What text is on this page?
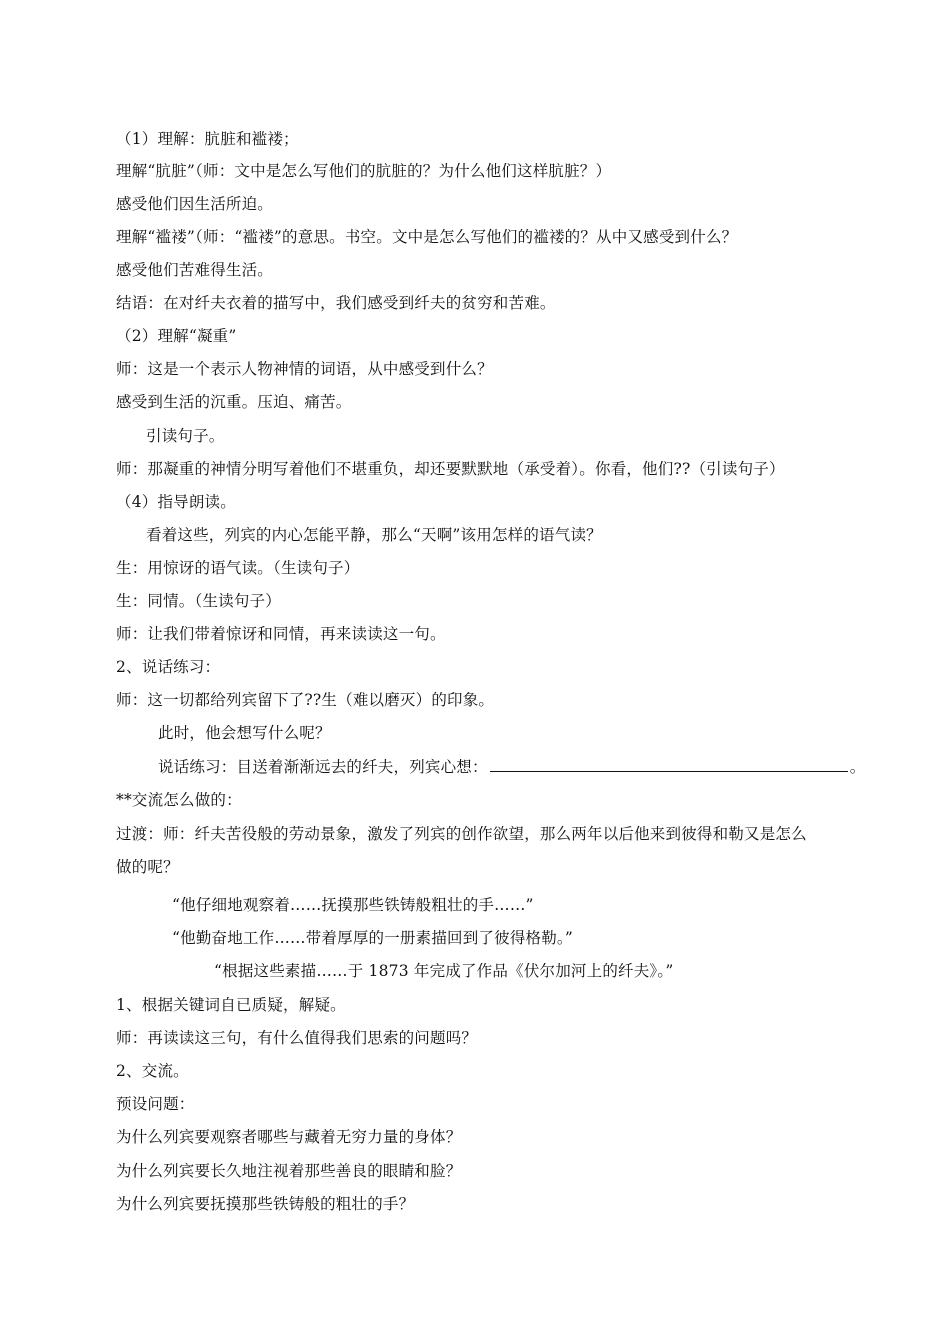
（1）理解：肮脏和褴褛；
理解“肮脏”（师：文中是怎么写他们的肮脏的？为什么他们这样肮脏？）
感受他们因生活所迫。
理解“褴褛”（师：“褴褛”的意思。书空。文中是怎么写他们的褴褛的？从中又感受到什么？
感受他们苦难得生活。
结语：在对纤夫衣着的描写中，我们感受到纤夫的贫穷和苦难。
（2）理解“凝重”
师：这是一个表示人物神情的词语，从中感受到什么？
感受到生活的沉重。压迫、痛苦。
引读句子。
师：那凝重的神情分明写着他们不堪重负，却还要默默地（承受着）。你看，他们??（引读句子）
（4）指导朗读。
看着这些，列宾的内心怎能平静，那么“天啊”该用怎样的语气读？
生：用惊讶的语气读。（生读句子）
生：同情。（生读句子）
师：让我们带着惊讶和同情，再来读读这一句。
2、说话练习：
师：这一切都给列宾留下了??生（难以磨灭）的印象。
此时，他会想写什么呢？
说话练习：目送着渐渐远去的纤夫，列宾心想：	。
**交流怎么做的：
过渡：师：纤夫苦役般的劳动景象，激发了列宾的创作欲望，那么两年以后他来到彼得和勒又是怎么
做的呢？
“他仔细地观察着……抚摸那些铁铸般粗壮的手……”
“他勤奋地工作……带着厚厚的一册素描回到了彼得格勒。”
“根据这些素描……于 1873 年完成了作品《伏尔加河上的纤夫》。”
1、根据关键词自已质疑，解疑。
师：再读读这三句，有什么值得我们思索的问题吗？
2、交流。
预设问题：
为什么列宾要观察者哪些与藏着无穷力量的身体？
为什么列宾要长久地注视着那些善良的眼睛和脸？
为什么列宾要抚摸那些铁铸般的粗壮的手？
